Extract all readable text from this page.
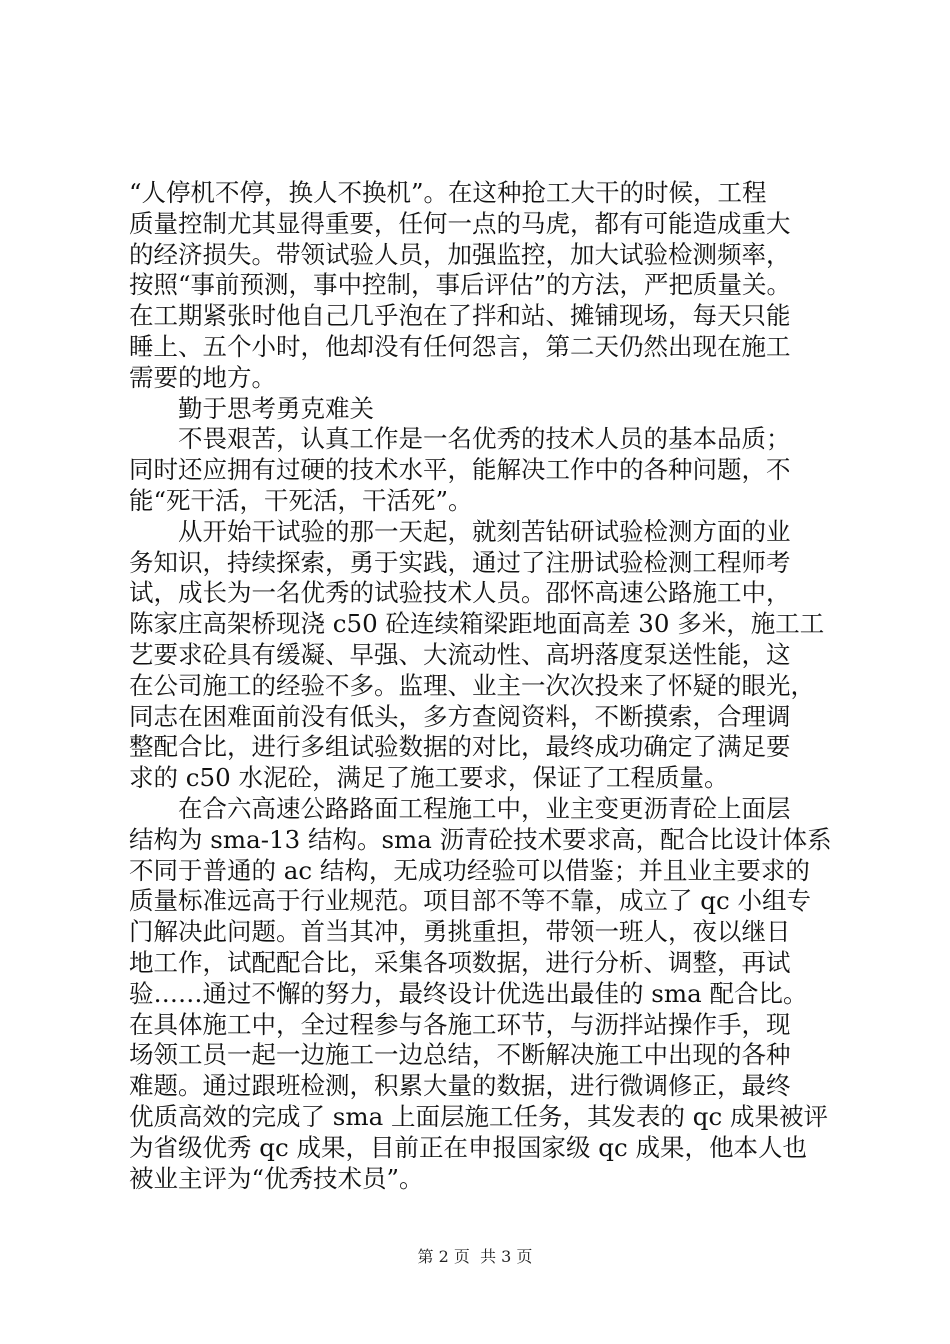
“人停机不停，换人不换机”。在这种抢工大干的时候，工程
质量控制尤其显得重要，任何一点的马虎，都有可能造成重大
的经济损失。带领试验人员，加强监控，加大试验检测频率，
按照“事前预测，事中控制，事后评估”的方法，严把质量关。
在工期紧张时他自己几乎泡在了拌和站、摊铺现场，每天只能
睡上、五个小时，他却没有任何怨言，第二天仍然出现在施工
需要的地方。
勤于思考勇克难关
不畏艰苦，认真工作是一名优秀的技术人员的基本品质；
同时还应拥有过硬的技术水平，能解决工作中的各种问题，不
能“死干活，干死活，干活死”。
从开始干试验的那一天起，就刻苦钻研试验检测方面的业
务知识，持续探索，勇于实践，通过了注册试验检测工程师考
试，成长为一名优秀的试验技术人员。邵怀高速公路施工中，
陈家庄高架桥现浇 c50 砼连续箱梁距地面高差 30 多米，施工工
艺要求砼具有缓凝、早强、大流动性、高坍落度泵送性能，这
在公司施工的经验不多。监理、业主一次次投来了怀疑的眼光，
同志在困难面前没有低头，多方查阅资料，不断摸索，合理调
整配合比，进行多组试验数据的对比，最终成功确定了满足要
求的 c50 水泥砼，满足了施工要求，保证了工程质量。
在合六高速公路路面工程施工中，业主变更沥青砼上面层
结构为 sma-13 结构。sma 沥青砼技术要求高，配合比设计体系
不同于普通的 ac 结构，无成功经验可以借鉴；并且业主要求的
质量标准远高于行业规范。项目部不等不靠，成立了 qc 小组专
门解决此问题。首当其冲，勇挑重担，带领一班人，夜以继日
地工作，试配配合比，采集各项数据，进行分析、调整，再试
验……通过不懈的努力，最终设计优选出最佳的 sma 配合比。
在具体施工中，全过程参与各施工环节，与沥拌站操作手，现
场领工员一起一边施工一边总结，不断解决施工中出现的各种
难题。通过跟班检测，积累大量的数据，进行微调修正，最终
优质高效的完成了 sma 上面层施工任务，其发表的 qc 成果被评
为省级优秀 qc 成果，目前正在申报国家级 qc 成果，他本人也
被业主评为“优秀技术员”。
第 2 页  共 3 页
